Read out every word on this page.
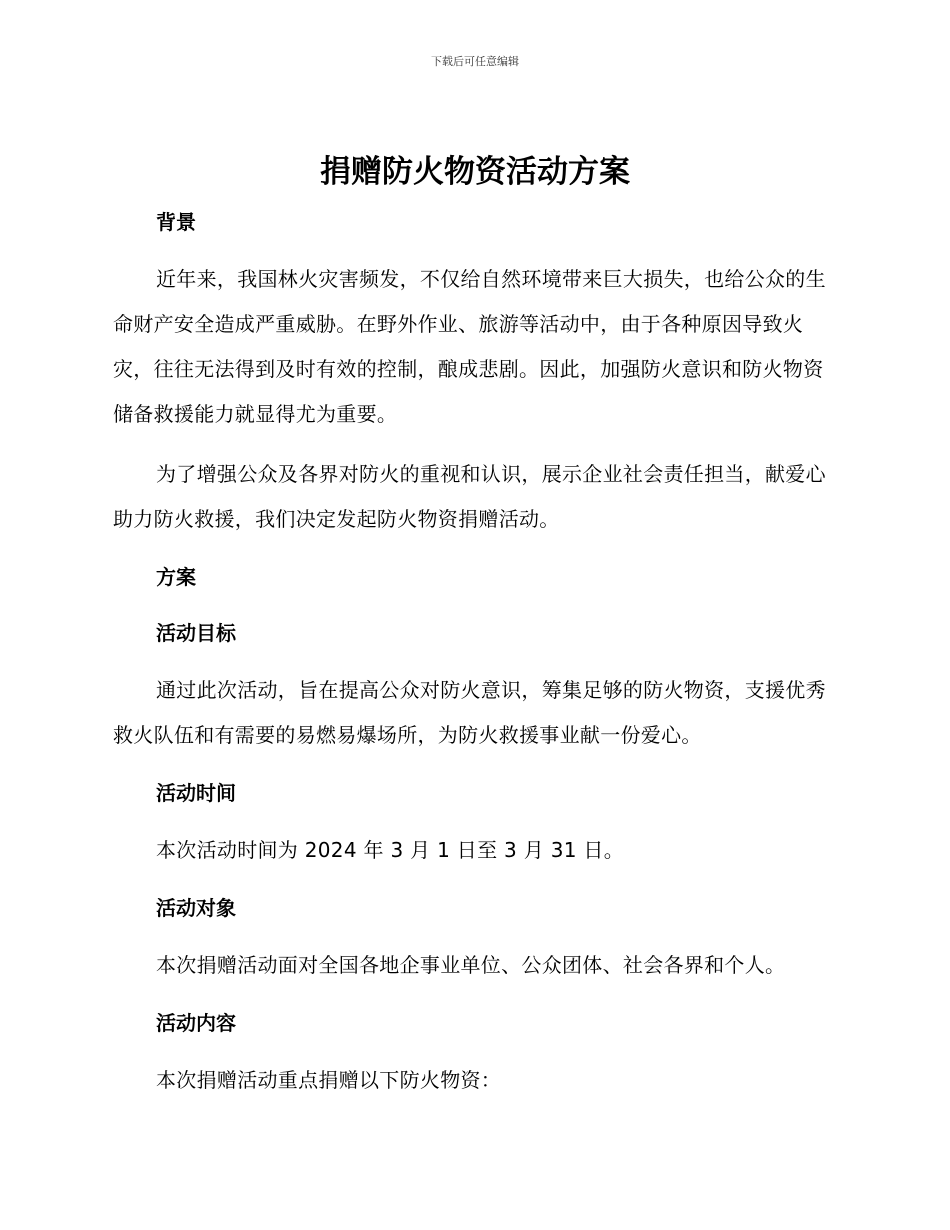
下载后可任意编辑
捐赠防火物资活动方案

背景

近年来，我国林火灾害频发，不仅给自然环境带来巨大损失，也给公众的生命财产安全造成严重威胁。在野外作业、旅游等活动中，由于各种原因导致火灾，往往无法得到及时有效的控制，酿成悲剧。因此，加强防火意识和防火物资储备救援能力就显得尤为重要。

为了增强公众及各界对防火的重视和认识，展示企业社会责任担当，献爱心助力防火救援，我们决定发起防火物资捐赠活动。

方案

活动目标

通过此次活动，旨在提高公众对防火意识，筹集足够的防火物资，支援优秀救火队伍和有需要的易燃易爆场所，为防火救援事业献一份爱心。

活动时间

本次活动时间为 2024 年 3 月 1 日至 3 月 31 日。

活动对象

本次捐赠活动面对全国各地企事业单位、公众团体、社会各界和个人。

活动内容

本次捐赠活动重点捐赠以下防火物资：
